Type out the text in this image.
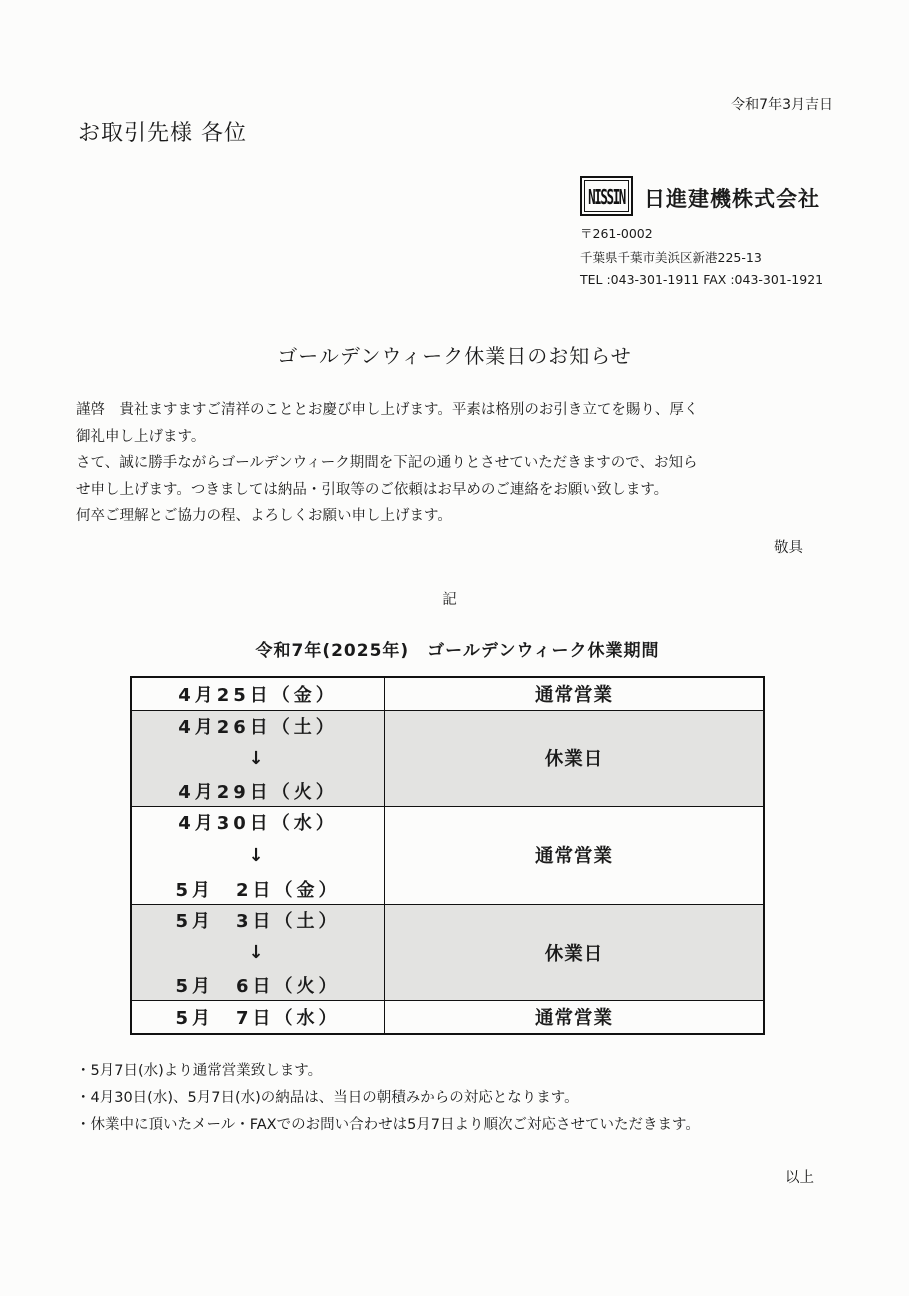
令和7年3月吉日
お取引先様 各位
NISSIN 日進建機株式会社
〒261-0002
千葉県千葉市美浜区新港225-13
TEL :043-301-1911 FAX :043-301-1921
ゴールデンウィーク休業日のお知らせ

謹啓　貴社ますますご清祥のこととお慶び申し上げます。平素は格別のお引き立てを賜り、厚く

御礼申し上げます。

さて、誠に勝手ながらゴールデンウィーク期間を下記の通りとさせていただきますので、お知ら

せ申し上げます。つきましては納品・引取等のご依頼はお早めのご連絡をお願い致します。

何卒ご理解とご協力の程、よろしくお願い申し上げます。

敬具
記
令和7年(2025年)　ゴールデンウィーク休業期間
4月25日（金）	通常営業

4月26日（土）
↓
4月29日（火）	休業日

4月30日（水）
↓
5月　2日（金）	通常営業

5月　3日（土）
↓
5月　6日（火）	休業日

5月　7日（水）	通常営業

・5月7日(水)より通常営業致します。

・4月30日(水)、5月7日(水)の納品は、当日の朝積みからの対応となります。

・休業中に頂いたメール・FAXでのお問い合わせは5月7日より順次ご対応させていただきます。

以上
